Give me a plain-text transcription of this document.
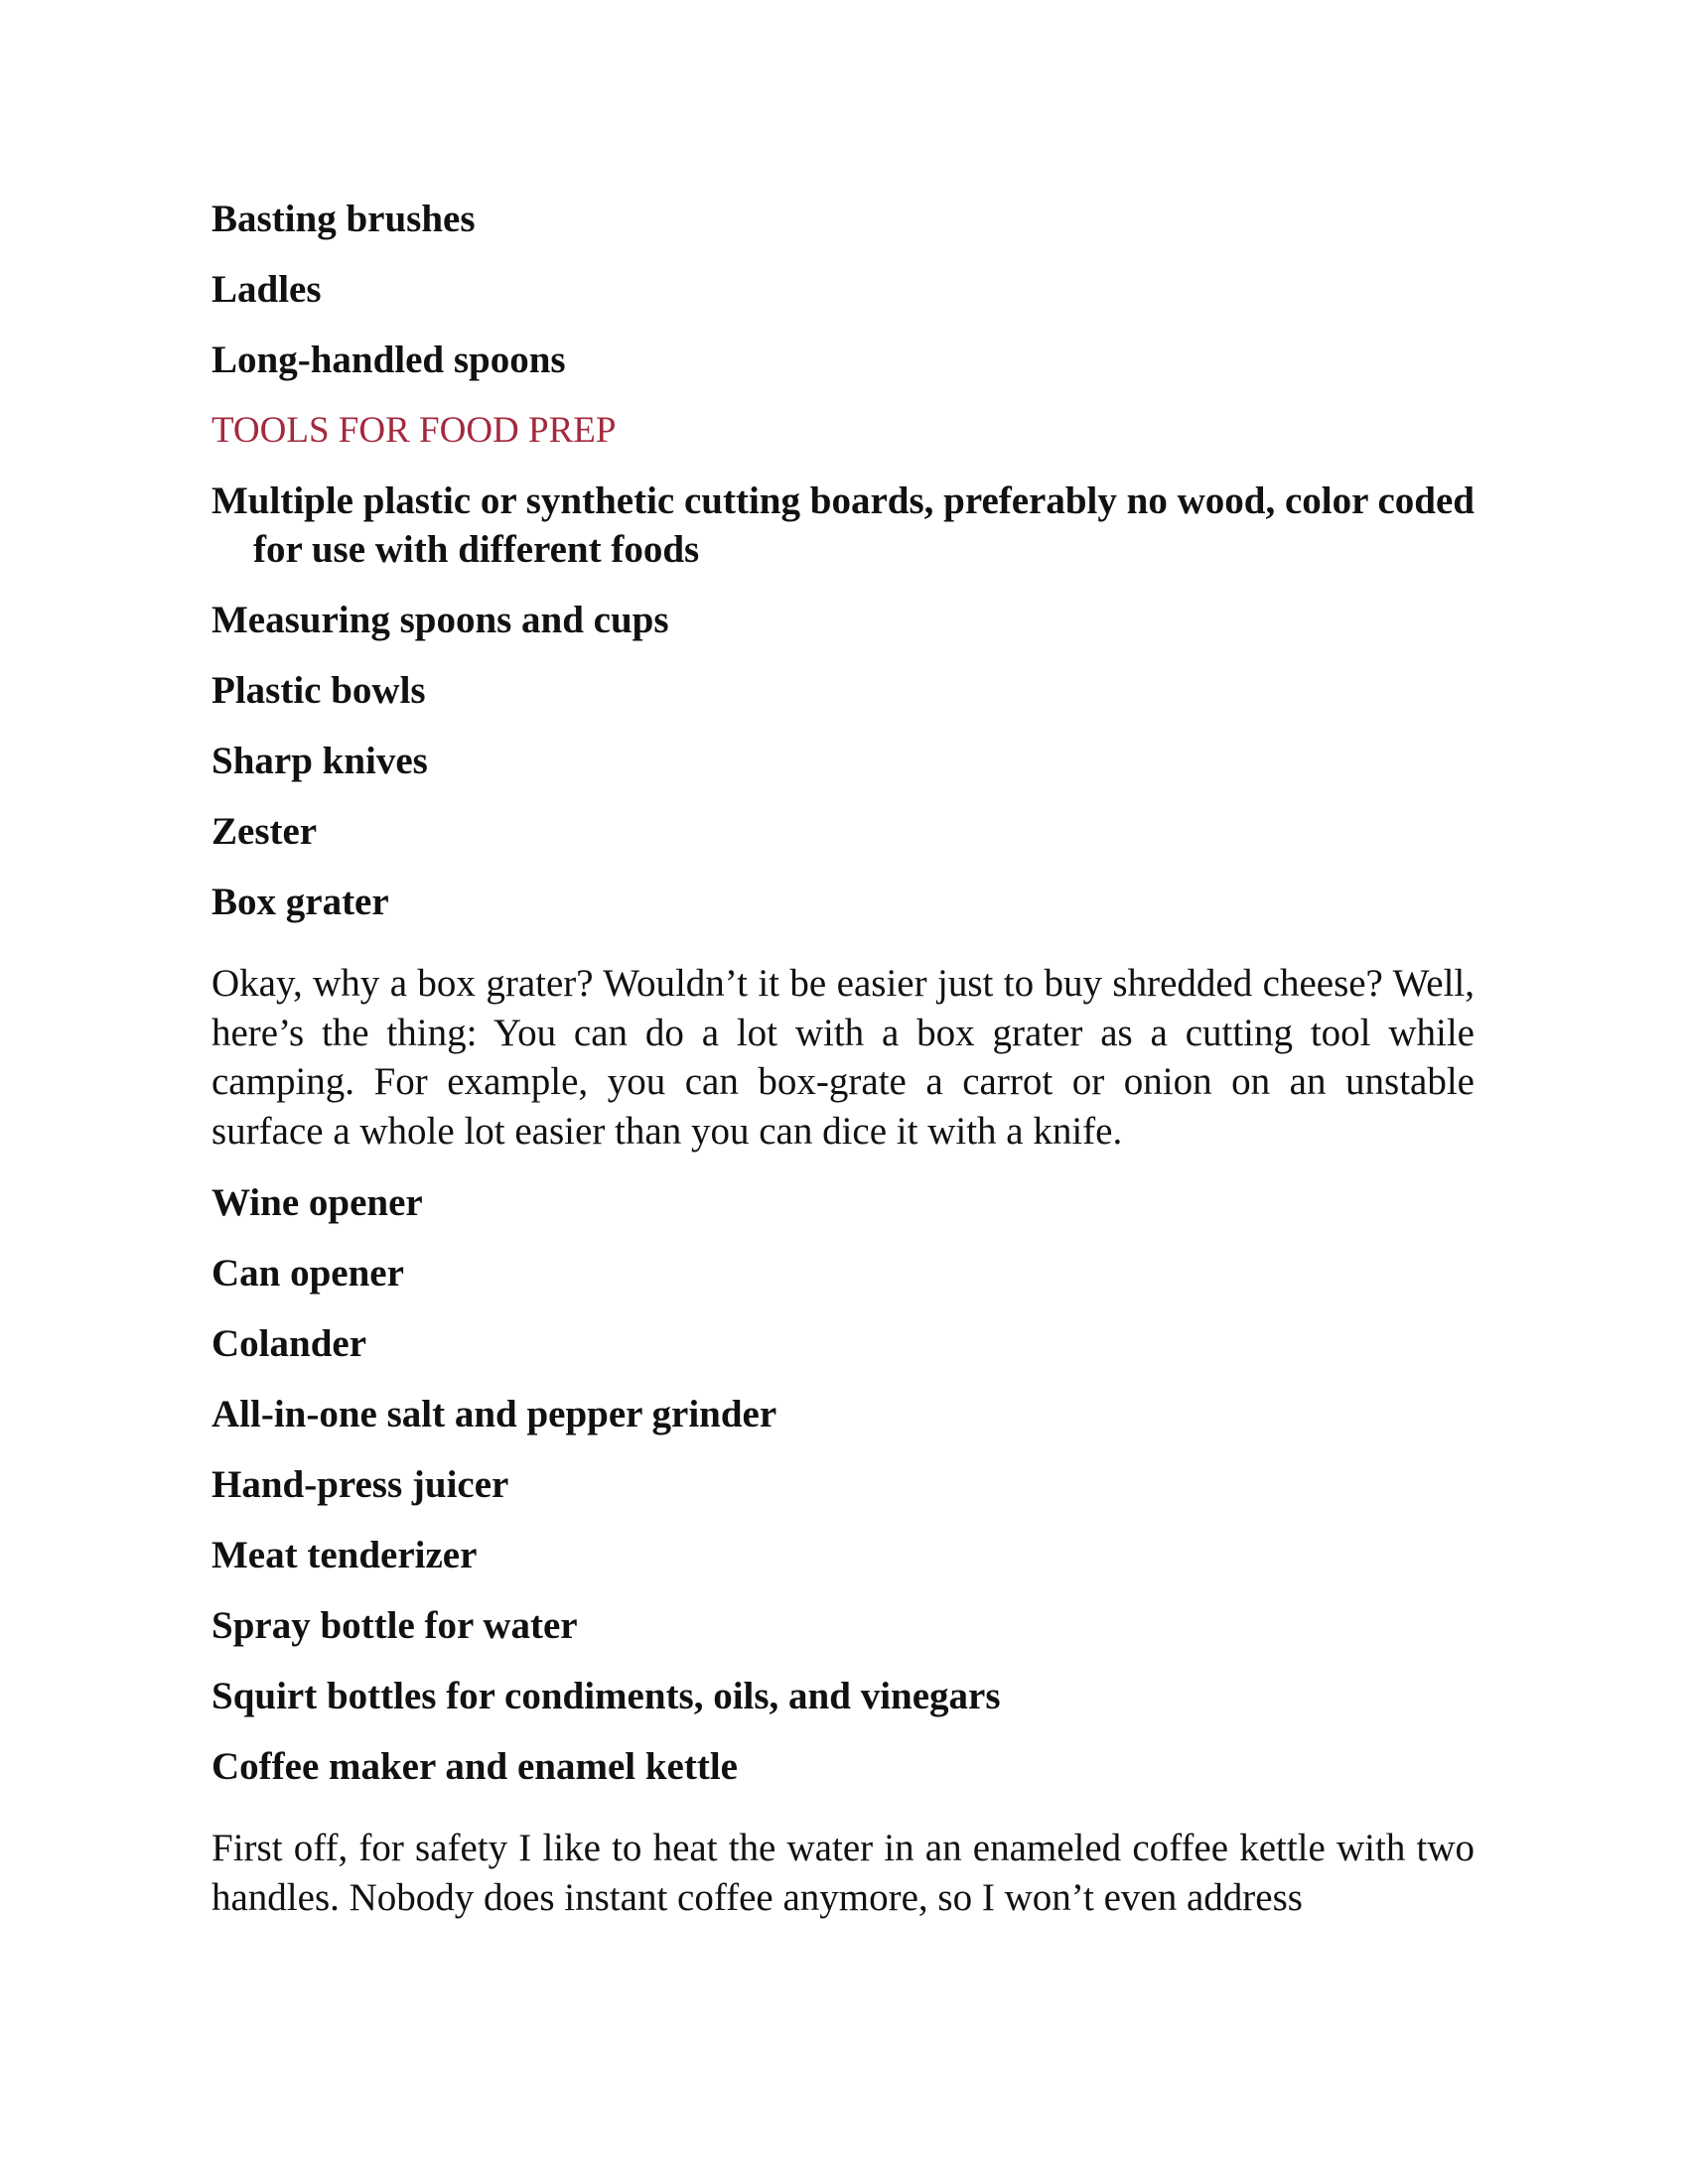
Basting brushes
Ladles
Long-handled spoons
TOOLS FOR FOOD PREP
Multiple plastic or synthetic cutting boards, preferably no wood, color coded for use with different foods
Measuring spoons and cups
Plastic bowls
Sharp knives
Zester
Box grater

Okay, why a box grater? Wouldn’t it be easier just to buy shredded cheese? Well, here’s the thing: You can do a lot with a box grater as a cutting tool while camping. For example, you can box-grate a carrot or onion on an unstable surface a whole lot easier than you can dice it with a knife.

Wine opener
Can opener
Colander
All-in-one salt and pepper grinder
Hand-press juicer
Meat tenderizer
Spray bottle for water
Squirt bottles for condiments, oils, and vinegars
Coffee maker and enamel kettle

First off, for safety I like to heat the water in an enameled coffee kettle with two handles. Nobody does instant coffee anymore, so I won’t even address
